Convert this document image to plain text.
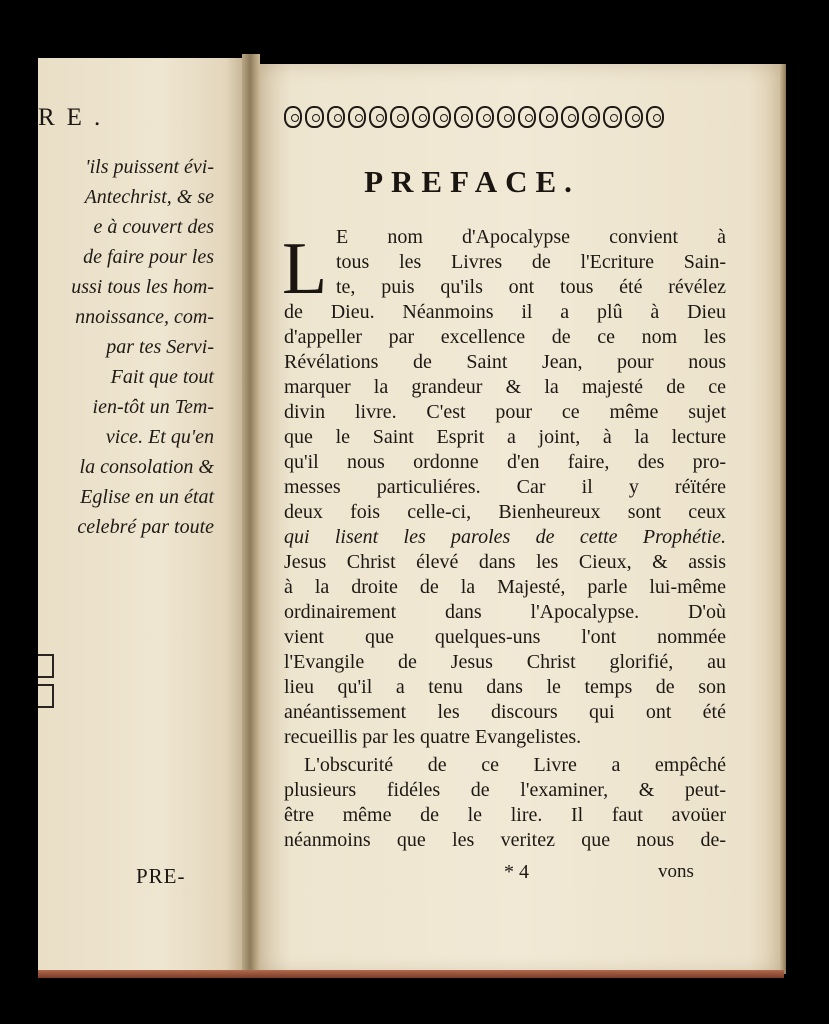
RE.
'ils puissent évi-
Antechrist, & se
e à couvert des
de faire pour les
ussi tous les hom-
nnoissance, com-
par tes Servi-
Fait que tout
ien-tôt un Tem-
vice. Et qu'en
la consolation &
Eglise en un état
celebré par toute
PRE-
PREFACE.
L E nom d'Apocalypse convient à
tous les Livres de l'Ecriture Sain-
te, puis qu'ils ont tous été révélez
de Dieu. Néanmoins il a plû à Dieu
d'appeller par excellence de ce nom les
Révélations de Saint Jean, pour nous
marquer la grandeur & la majesté de ce
divin livre. C'est pour ce même sujet
que le Saint Esprit a joint, à la lecture
qu'il nous ordonne d'en faire, des pro-
messes particuliéres. Car il y réïtére
deux fois celle-ci, Bienheureux sont ceux
qui lisent les paroles de cette Prophétie.
Jesus Christ élevé dans les Cieux, & assis
à la droite de la Majesté, parle lui-même
ordinairement dans l'Apocalypse. D'où
vient que quelques-uns l'ont nommée
l'Evangile de Jesus Christ glorifié, au
lieu qu'il a tenu dans le temps de son
anéantissement les discours qui ont été
recueillis par les quatre Evangelistes.
L'obscurité de ce Livre a empêché
plusieurs fidéles de l'examiner, & peut-
être même de le lire. Il faut avoüer
néanmoins que les veritez que nous de-
* 4	vons
